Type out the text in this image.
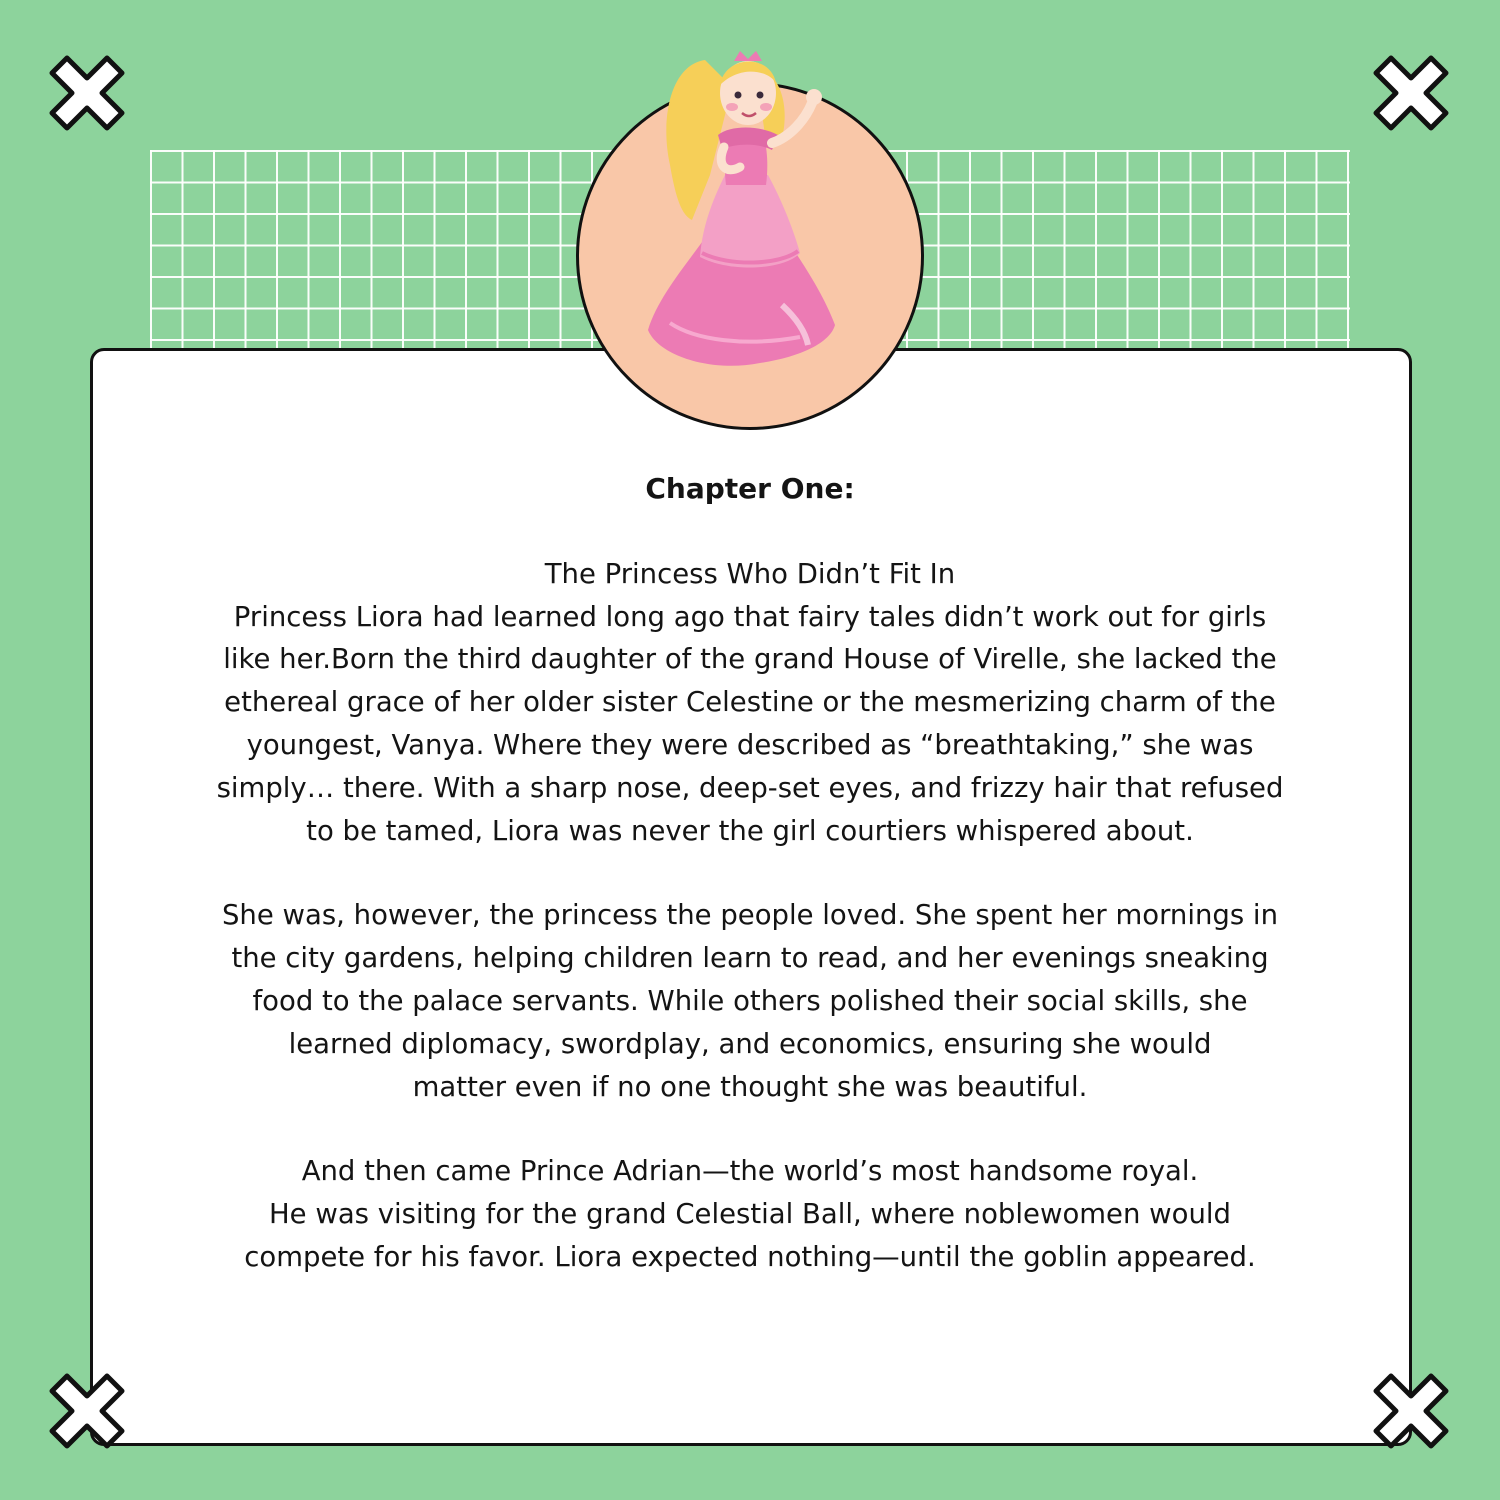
Chapter One:
The Princess Who Didn’t Fit In
Princess Liora had learned long ago that fairy tales didn’t work out for girls
like her.Born the third daughter of the grand House of Virelle, she lacked the
ethereal grace of her older sister Celestine or the mesmerizing charm of the
youngest, Vanya. Where they were described as “breathtaking,” she was
simply… there. With a sharp nose, deep-set eyes, and frizzy hair that refused
to be tamed, Liora was never the girl courtiers whispered about.
She was, however, the princess the people loved. She spent her mornings in
the city gardens, helping children learn to read, and her evenings sneaking
food to the palace servants. While others polished their social skills, she
learned diplomacy, swordplay, and economics, ensuring she would
matter even if no one thought she was beautiful.
And then came Prince Adrian—the world’s most handsome royal.
He was visiting for the grand Celestial Ball, where noblewomen would
compete for his favor. Liora expected nothing—until the goblin appeared.
